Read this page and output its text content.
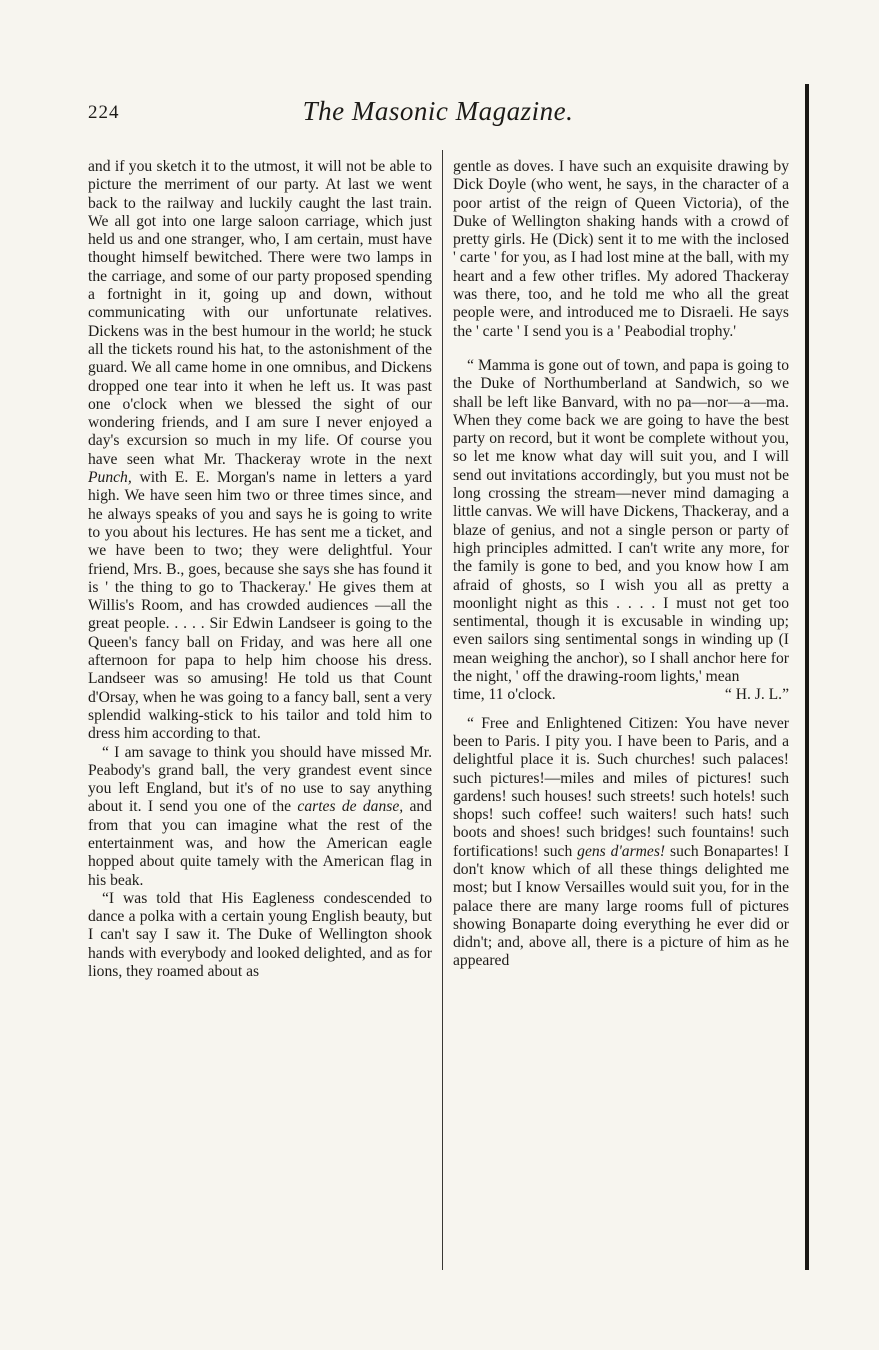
224	The Masonic Magazine.

and if you sketch it to the utmost, it will not be able to picture the merriment of our party. At last we went back to the railway and luckily caught the last train. We all got into one large saloon carriage, which just held us and one stranger, who, I am certain, must have thought himself bewitched. There were two lamps in the carriage, and some of our party proposed spending a fortnight in it, going up and down, without communicating with our unfortunate relatives. Dickens was in the best humour in the world; he stuck all the tickets round his hat, to the astonishment of the guard. We all came home in one omnibus, and Dickens dropped one tear into it when he left us. It was past one o'clock when we blessed the sight of our wondering friends, and I am sure I never enjoyed a day's excursion so much in my life. Of course you have seen what Mr. Thackeray wrote in the next Punch, with E. E. Morgan's name in letters a yard high. We have seen him two or three times since, and he always speaks of you and says he is going to write to you about his lectures. He has sent me a ticket, and we have been to two; they were delightful. Your friend, Mrs. B., goes, because she says she has found it is ' the thing to go to Thackeray.' He gives them at Willis's Room, and has crowded audiences —all the great people. . . . . Sir Edwin Landseer is going to the Queen's fancy ball on Friday, and was here all one afternoon for papa to help him choose his dress. Landseer was so amusing! He told us that Count d'Orsay, when he was going to a fancy ball, sent a very splendid walking-stick to his tailor and told him to dress him according to that.

“ I am savage to think you should have missed Mr. Peabody's grand ball, the very grandest event since you left England, but it's of no use to say anything about it. I send you one of the cartes de danse, and from that you can imagine what the rest of the entertainment was, and how the American eagle hopped about quite tamely with the American flag in his beak.

“I was told that His Eagleness condescended to dance a polka with a certain young English beauty, but I can't say I saw it. The Duke of Wellington shook hands with everybody and looked delighted, and as for lions, they roamed about as

gentle as doves. I have such an exquisite drawing by Dick Doyle (who went, he says, in the character of a poor artist of the reign of Queen Victoria), of the Duke of Wellington shaking hands with a crowd of pretty girls. He (Dick) sent it to me with the inclosed ' carte ' for you, as I had lost mine at the ball, with my heart and a few other trifles. My adored Thackeray was there, too, and he told me who all the great people were, and introduced me to Disraeli. He says the ' carte ' I send you is a ' Peabodial trophy.'

“ Mamma is gone out of town, and papa is going to the Duke of Northumberland at Sandwich, so we shall be left like Banvard, with no pa—nor—a—ma. When they come back we are going to have the best party on record, but it wont be complete without you, so let me know what day will suit you, and I will send out invitations accordingly, but you must not be long crossing the stream—never mind damaging a little canvas. We will have Dickens, Thackeray, and a blaze of genius, and not a single person or party of high principles admitted. I can't write any more, for the family is gone to bed, and you know how I am afraid of ghosts, so I wish you all as pretty a moonlight night as this . . . . I must not get too sentimental, though it is excusable in winding up; even sailors sing sentimental songs in winding up (I mean weighing the anchor), so I shall anchor here for the night, ' off the drawing-room lights,' mean

time, 11 o'clock.	“ H. J. L.”

“ Free and Enlightened Citizen: You have never been to Paris. I pity you. I have been to Paris, and a delightful place it is. Such churches! such palaces! such pictures!—miles and miles of pictures! such gardens! such houses! such streets! such hotels! such shops! such coffee! such waiters! such hats! such boots and shoes! such bridges! such fountains! such fortifications! such gens d'armes! such Bonapartes! I don't know which of all these things delighted me most; but I know Versailles would suit you, for in the palace there are many large rooms full of pictures showing Bonaparte doing everything he ever did or didn't; and, above all, there is a picture of him as he appeared
